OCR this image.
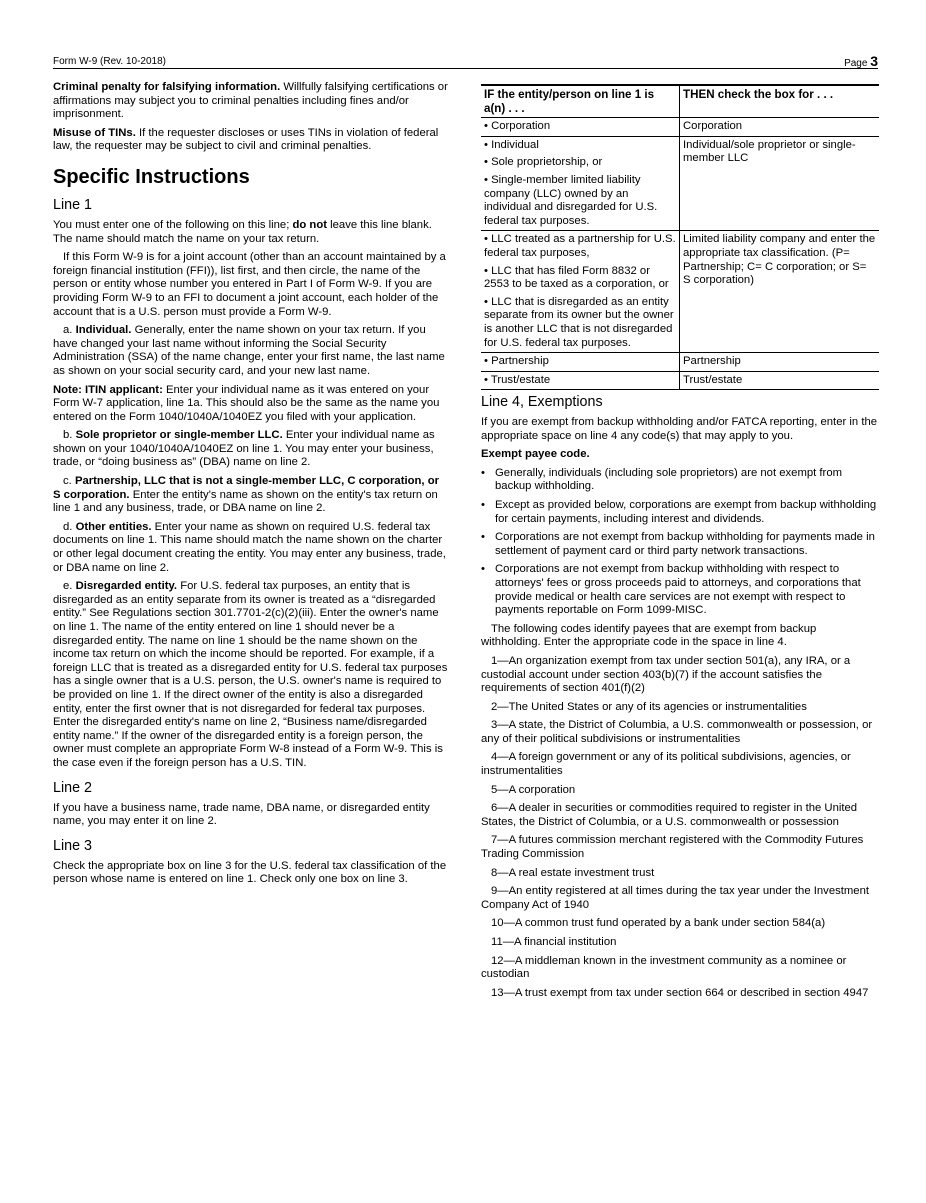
Form W-9 (Rev. 10-2018)	Page 3

Criminal penalty for falsifying information. Willfully falsifying certifications or affirmations may subject you to criminal penalties including fines and/or imprisonment.

Misuse of TINs. If the requester discloses or uses TINs in violation of federal law, the requester may be subject to civil and criminal penalties.

Specific Instructions
Line 1

You must enter one of the following on this line; do not leave this line blank. The name should match the name on your tax return.

If this Form W-9 is for a joint account (other than an account maintained by a foreign financial institution (FFI)), list first, and then circle, the name of the person or entity whose number you entered in Part I of Form W-9. If you are providing Form W-9 to an FFI to document a joint account, each holder of the account that is a U.S. person must provide a Form W-9.

a. Individual. Generally, enter the name shown on your tax return. If you have changed your last name without informing the Social Security Administration (SSA) of the name change, enter your first name, the last name as shown on your social security card, and your new last name.

Note: ITIN applicant: Enter your individual name as it was entered on your Form W-7 application, line 1a. This should also be the same as the name you entered on the Form 1040/1040A/1040EZ you filed with your application.

b. Sole proprietor or single-member LLC. Enter your individual name as shown on your 1040/1040A/1040EZ on line 1. You may enter your business, trade, or “doing business as” (DBA) name on line 2.

c. Partnership, LLC that is not a single-member LLC, C corporation, or S corporation. Enter the entity's name as shown on the entity's tax return on line 1 and any business, trade, or DBA name on line 2.

d. Other entities. Enter your name as shown on required U.S. federal tax documents on line 1. This name should match the name shown on the charter or other legal document creating the entity. You may enter any business, trade, or DBA name on line 2.

e. Disregarded entity. For U.S. federal tax purposes, an entity that is disregarded as an entity separate from its owner is treated as a “disregarded entity.” See Regulations section 301.7701-2(c)(2)(iii). Enter the owner's name on line 1. The name of the entity entered on line 1 should never be a disregarded entity. The name on line 1 should be the name shown on the income tax return on which the income should be reported. For example, if a foreign LLC that is treated as a disregarded entity for U.S. federal tax purposes has a single owner that is a U.S. person, the U.S. owner's name is required to be provided on line 1. If the direct owner of the entity is also a disregarded entity, enter the first owner that is not disregarded for federal tax purposes. Enter the disregarded entity's name on line 2, “Business name/disregarded entity name.” If the owner of the disregarded entity is a foreign person, the owner must complete an appropriate Form W-8 instead of a Form W-9. This is the case even if the foreign person has a U.S. TIN.

Line 2

If you have a business name, trade name, DBA name, or disregarded entity name, you may enter it on line 2.

Line 3

Check the appropriate box on line 3 for the U.S. federal tax classification of the person whose name is entered on line 1. Check only one box on line 3.

IF the entity/person on line 1 is a(n) . . .	THEN check the box for . . .

• Corporation	Corporation

• Individual
• Sole proprietorship, or
• Single-member limited liability company (LLC) owned by an individual and disregarded for U.S. federal tax purposes.	Individual/sole proprietor or single-member LLC

• LLC treated as a partnership for U.S. federal tax purposes,
• LLC that has filed Form 8832 or 2553 to be taxed as a corporation, or
• LLC that is disregarded as an entity separate from its owner but the owner is another LLC that is not disregarded for U.S. federal tax purposes.	Limited liability company and enter the appropriate tax classification. (P= Partnership; C= C corporation; or S= S corporation)

• Partnership	Partnership

• Trust/estate	Trust/estate
Line 4, Exemptions

If you are exempt from backup withholding and/or FATCA reporting, enter in the appropriate space on line 4 any code(s) that may apply to you.

Exempt payee code.

• Generally, individuals (including sole proprietors) are not exempt from backup withholding.
• Except as provided below, corporations are exempt from backup withholding for certain payments, including interest and dividends.
• Corporations are not exempt from backup withholding for payments made in settlement of payment card or third party network transactions.
• Corporations are not exempt from backup withholding with respect to attorneys' fees or gross proceeds paid to attorneys, and corporations that provide medical or health care services are not exempt with respect to payments reportable on Form 1099-MISC.

The following codes identify payees that are exempt from backup withholding. Enter the appropriate code in the space in line 4.

1—An organization exempt from tax under section 501(a), any IRA, or a custodial account under section 403(b)(7) if the account satisfies the requirements of section 401(f)(2)

2—The United States or any of its agencies or instrumentalities

3—A state, the District of Columbia, a U.S. commonwealth or possession, or any of their political subdivisions or instrumentalities

4—A foreign government or any of its political subdivisions, agencies, or instrumentalities

5—A corporation

6—A dealer in securities or commodities required to register in the United States, the District of Columbia, or a U.S. commonwealth or possession

7—A futures commission merchant registered with the Commodity Futures Trading Commission

8—A real estate investment trust

9—An entity registered at all times during the tax year under the Investment Company Act of 1940

10—A common trust fund operated by a bank under section 584(a)

11—A financial institution

12—A middleman known in the investment community as a nominee or custodian

13—A trust exempt from tax under section 664 or described in section 4947
